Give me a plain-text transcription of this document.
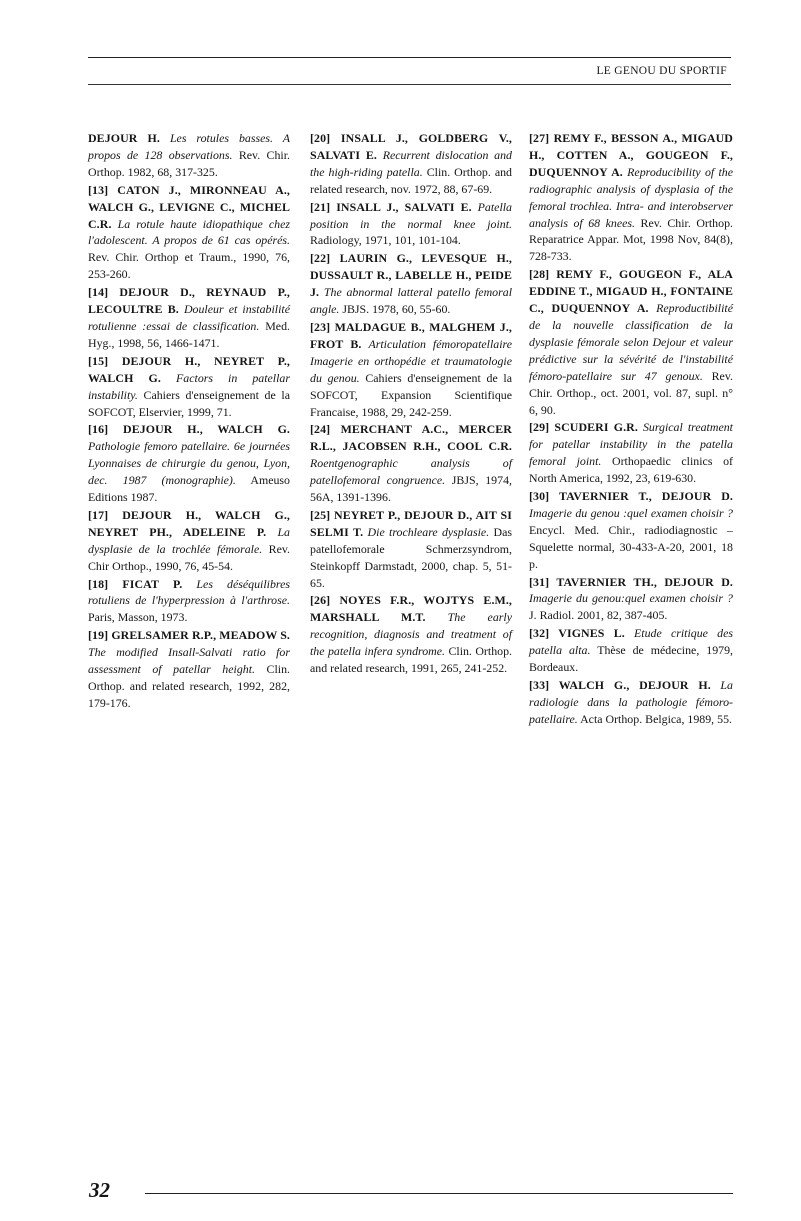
LE GENOU DU SPORTIF

DEJOUR H. Les rotules basses. A propos de 128 observations. Rev. Chir. Orthop. 1982, 68, 317-325.

[13] CATON J., MIRONNEAU A., WALCH G., LEVIGNE C., MICHEL C.R. La rotule haute idiopathique chez l'adolescent. A propos de 61 cas opérés. Rev. Chir. Orthop et Traum., 1990, 76, 253-260.

[14] DEJOUR D., REYNAUD P., LECOULTRE B. Douleur et instabilité rotulienne :essai de classification. Med. Hyg., 1998, 56, 1466-1471.

[15] DEJOUR H., NEYRET P., WALCH G. Factors in patellar instability. Cahiers d'enseignement de la SOFCOT, Elservier, 1999, 71.

[16] DEJOUR H., WALCH G. Pathologie femoro patellaire. 6e journées Lyonnaises de chirurgie du genou, Lyon, dec. 1987 (monographie). Ameuso Editions 1987.

[17] DEJOUR H., WALCH G., NEYRET PH., ADELEINE P. La dysplasie de la trochlée fémorale. Rev. Chir Orthop., 1990, 76, 45-54.

[18] FICAT P. Les déséquilibres rotuliens de l'hyperpression à l'arthrose. Paris, Masson, 1973.

[19] GRELSAMER R.P., MEADOW S. The modified Insall-Salvati ratio for assessment of patellar height. Clin. Orthop. and related research, 1992, 282, 179-176.

[20] INSALL J., GOLDBERG V., SALVATI E. Recurrent dislocation and the high-riding patella. Clin. Orthop. and related research, nov. 1972, 88, 67-69.

[21] INSALL J., SALVATI E. Patella position in the normal knee joint. Radiology, 1971, 101, 101-104.

[22] LAURIN G., LEVESQUE H., DUSSAULT R., LABELLE H., PEIDE J. The abnormal latteral patello femoral angle. JBJS. 1978, 60, 55-60.

[23] MALDAGUE B., MALGHEM J., FROT B. Articulation fémoropatellaire Imagerie en orthopédie et traumatologie du genou. Cahiers d'enseignement de la SOFCOT, Expansion Scientifique Francaise, 1988, 29, 242-259.

[24] MERCHANT A.C., MERCER R.L., JACOBSEN R.H., COOL C.R. Roentgenographic analysis of patellofemoral congruence. JBJS, 1974, 56A, 1391-1396.

[25] NEYRET P., DEJOUR D., AIT SI SELMI T. Die trochleare dysplasie. Das patellofemorale Schmerzsyndrom, Steinkopff Darmstadt, 2000, chap. 5, 51-65.

[26] NOYES F.R., WOJTYS E.M., MARSHALL M.T. The early recognition, diagnosis and treatment of the patella infera syndrome. Clin. Orthop. and related research, 1991, 265, 241-252.

[27] REMY F., BESSON A., MIGAUD H., COTTEN A., GOUGEON F., DUQUENNOY A. Reproducibility of the radiographic analysis of dysplasia of the femoral trochlea. Intra- and interobserver analysis of 68 knees. Rev. Chir. Orthop. Reparatrice Appar. Mot, 1998 Nov, 84(8), 728-733.

[28] REMY F., GOUGEON F., ALA EDDINE T., MIGAUD H., FONTAINE C., DUQUENNOY A. Reproductibilité de la nouvelle classification de la dysplasie fémorale selon Dejour et valeur prédictive sur la sévérité de l'instabilité fémoro-patellaire sur 47 genoux. Rev. Chir. Orthop., oct. 2001, vol. 87, supl. n° 6, 90.

[29] SCUDERI G.R. Surgical treatment for patellar instability in the patella femoral joint. Orthopaedic clinics of North America, 1992, 23, 619-630.

[30] TAVERNIER T., DEJOUR D. Imagerie du genou :quel examen choisir ? Encycl. Med. Chir., radiodiagnostic – Squelette normal, 30-433-A-20, 2001, 18 p.

[31] TAVERNIER TH., DEJOUR D. Imagerie du genou:quel examen choisir ? J. Radiol. 2001, 82, 387-405.

[32] VIGNES L. Etude critique des patella alta. Thèse de médecine, 1979, Bordeaux.

[33] WALCH G., DEJOUR H. La radiologie dans la pathologie fémoro-patellaire. Acta Orthop. Belgica, 1989, 55.

32
